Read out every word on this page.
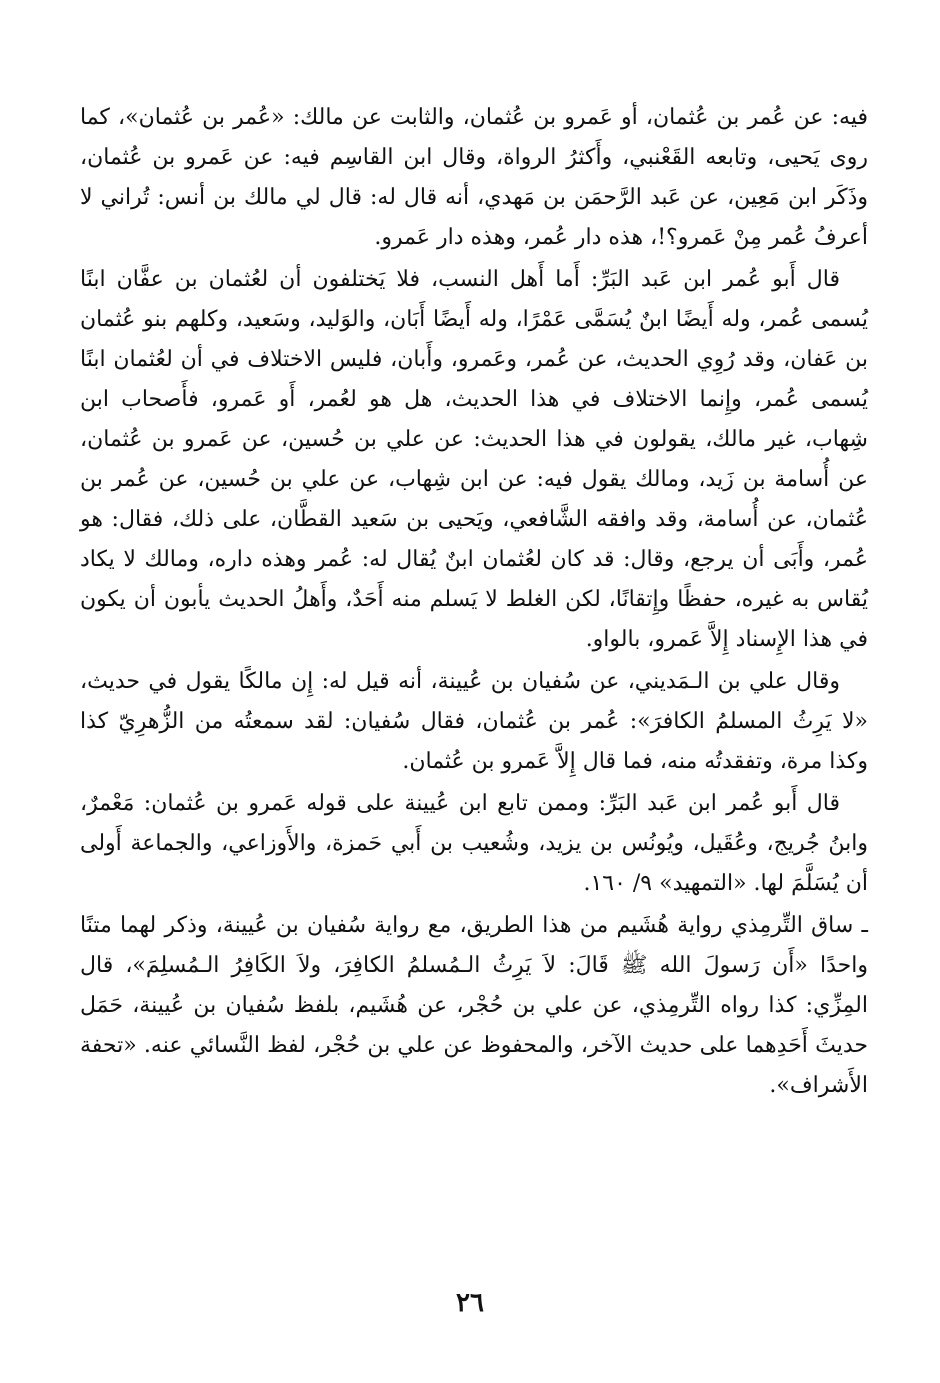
فيه: عن عُمر بن عُثمان، أو عَمرو بن عُثمان، والثابت عن مالك: «عُمر بن عُثمان»، كما روى يَحيى، وتابعه القَعْنبي، وأَكثرُ الرواة، وقال ابن القاسِم فيه: عن عَمرو بن عُثمان، وذَكَر ابن مَعِين، عن عَبد الرَّحمَن بن مَهدي، أنه قال له: قال لي مالك بن أنس: تُراني لا أعرفُ عُمر مِنْ عَمرو؟!، هذه دار عُمر، وهذه دار عَمرو.
قال أَبو عُمر ابن عَبد البَرِّ: أَما أَهل النسب، فلا يَختلفون أن لعُثمان بن عفَّان ابنًا يُسمى عُمر، وله أَيضًا ابنٌ يُسَمَّى عَمْرًا، وله أَيضًا أَبَان، والوَليد، وسَعيد، وكلهم بنو عُثمان بن عَفان، وقد رُوِي الحديث، عن عُمر، وعَمرو، وأَبان، فليس الاختلاف في أن لعُثمان ابنًا يُسمى عُمر، وإِنما الاختلاف في هذا الحديث، هل هو لعُمر، أَو عَمرو، فأَصحاب ابن شِهاب، غير مالك، يقولون في هذا الحديث: عن علي بن حُسين، عن عَمرو بن عُثمان، عن أُسامة بن زَيد، ومالك يقول فيه: عن ابن شِهاب، عن علي بن حُسين، عن عُمر بن عُثمان، عن أُسامة، وقد وافقه الشَّافعي، ويَحيى بن سَعيد القطَّان، على ذلك، فقال: هو عُمر، وأَبَى أن يرجع، وقال: قد كان لعُثمان ابنٌ يُقال له: عُمر وهذه داره، ومالك لا يكاد يُقاس به غيره، حفظًا وإِتقانًا، لكن الغلط لا يَسلم منه أَحَدٌ، وأَهلُ الحديث يأبون أن يكون في هذا الإِسناد إِلاَّ عَمرو، بالواو.
وقال علي بن الـمَديني، عن سُفيان بن عُيينة، أنه قيل له: إِن مالكًا يقول في حديث، «لا يَرِثُ المسلمُ الكافرَ»: عُمر بن عُثمان، فقال سُفيان: لقد سمعتُه من الزُّهرِيّ كذا وكذا مرة، وتفقدتُه منه، فما قال إِلاَّ عَمرو بن عُثمان.
قال أَبو عُمر ابن عَبد البَرِّ: وممن تابع ابن عُيينة على قوله عَمرو بن عُثمان: مَعْمرٌ، وابنُ جُريج، وعُقَيل، ويُونُس بن يزيد، وشُعيب بن أَبي حَمزة، والأَوزاعي، والجماعة أَولى أن يُسَلَّمَ لها. «التمهيد» ٩/ ١٦٠.
ـ ساق التِّرمِذي رواية هُشَيم من هذا الطريق، مع رواية سُفيان بن عُيينة، وذكر لهما متنًا واحدًا «أَن رَسولَ الله ﷺ قَالَ: لاَ يَرِثُ الـمُسلمُ الكافِرَ، ولاَ الكَافِرُ الـمُسلِمَ»، قال المِزِّي: كذا رواه التِّرمِذي، عن علي بن حُجْر، عن هُشَيم، بلفظ سُفيان بن عُيينة، حَمَل حديثَ أَحَدِهما على حديث الآخر، والمحفوظ عن علي بن حُجْر، لفظ النَّسائي عنه. «تحفة الأَشراف».
٢٦
